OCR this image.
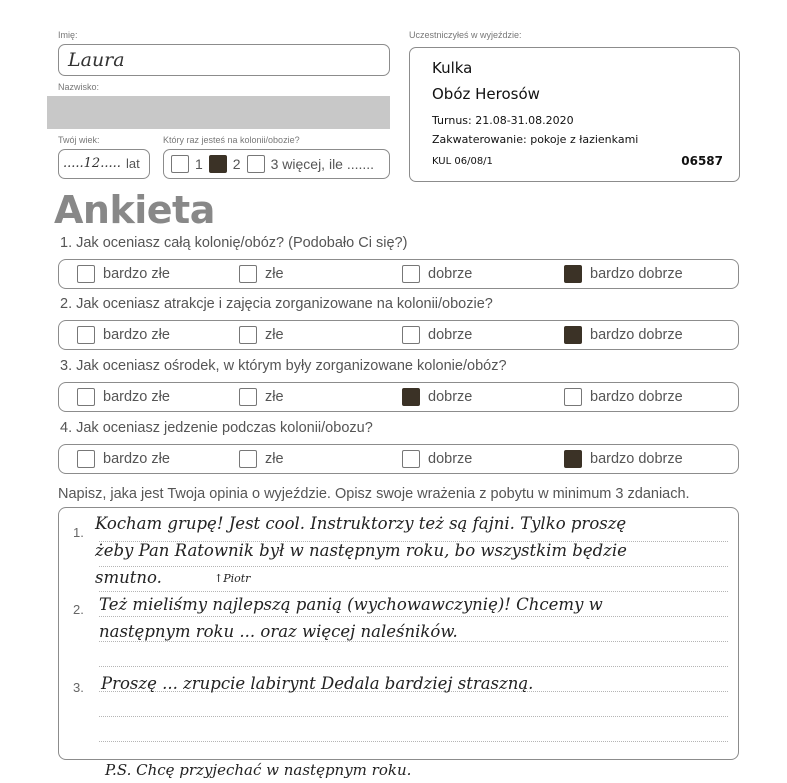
Imię:
Laura
Nazwisko:
Twój wiek:
.....12..... lat
Który raz jesteś na kolonii/obozie?
1 2 3 więcej, ile .......
Uczestniczyłeś w wyjeździe:
Kulka
Obóz Herosów
Turnus: 21.08-31.08.2020
Zakwaterowanie: pokoje z łazienkami
KUL 06/08/1	06587
Ankieta
1. Jak oceniasz całą kolonię/obóz? (Podobało Ci się?)
bardzo złe	złe	dobrze	bardzo dobrze
2. Jak oceniasz atrakcje i zajęcia zorganizowane na kolonii/obozie?
bardzo złe	złe	dobrze	bardzo dobrze
3. Jak oceniasz ośrodek, w którym były zorganizowane kolonie/obóz?
bardzo złe	złe	dobrze	bardzo dobrze
4. Jak oceniasz jedzenie podczas kolonii/obozu?
bardzo złe	złe	dobrze	bardzo dobrze
Napisz, jaka jest Twoja opinia o wyjeździe. Opisz swoje wrażenia z pobytu w minimum 3 zdaniach.
1.
2.
3.
Kocham grupę! Jest cool. Instruktorzy też są fajni. Tylko proszę
żeby Pan Ratownik był w następnym roku, bo wszystkim będzie
smutno.	↑Piotr
Też mieliśmy najlepszą panią (wychowawczynię)! Chcemy w
następnym roku ... oraz więcej naleśników.
Proszę ... zrupcie labirynt Dedala bardziej straszną.
P.S. Chcę przyjechać w następnym roku.
